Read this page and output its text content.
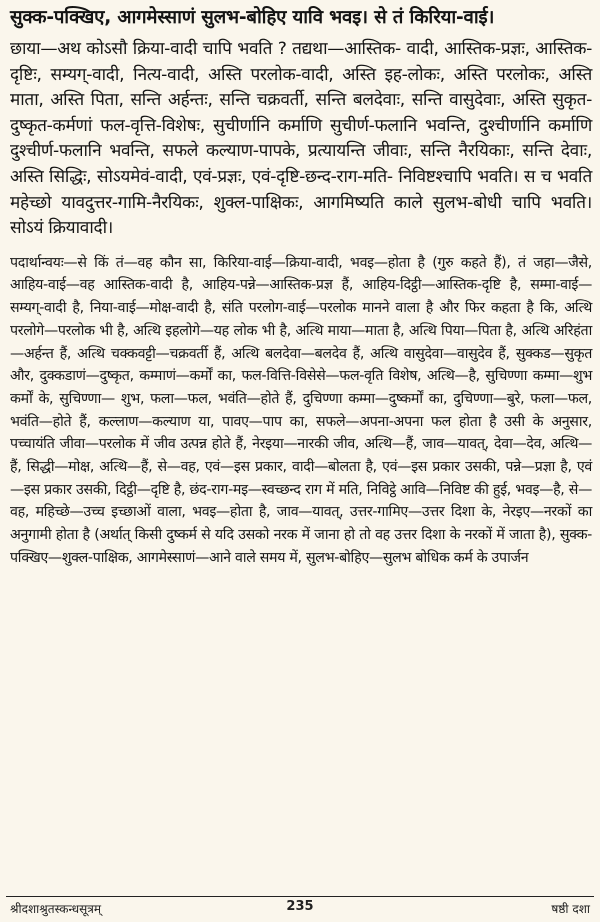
सुक्क-पक्खिए, आगमेस्साणं सुलभ-बोहिए यावि भवइ। से तं किरिया-वाई।

छाया—अथ कोऽसौ क्रिया-वादी चापि भवति ? तद्यथा—आस्तिक- वादी, आस्तिक-प्रज्ञः, आस्तिक-दृष्टिः, सम्यग्-वादी, नित्य-वादी, अस्ति परलोक-वादी, अस्ति इह-लोकः, अस्ति परलोकः, अस्ति माता, अस्ति पिता, सन्ति अर्हन्तः, सन्ति चक्रवर्ती, सन्ति बलदेवाः, सन्ति वासुदेवाः, अस्ति सुकृत-दुष्कृत-कर्मणां फल-वृत्ति-विशेषः, सुचीर्णानि कर्माणि सुचीर्ण-फलानि भवन्ति, दुश्चीर्णानि कर्माणि दुश्चीर्ण-फलानि भवन्ति, सफले कल्याण-पापके, प्रत्यायन्ति जीवाः, सन्ति नैरयिकाः, सन्ति देवाः, अस्ति सिद्धिः, सोऽयमेवं-वादी, एवं-प्रज्ञः, एवं-दृष्टि-छन्द-राग-मति- निविष्टश्चापि भवति। स च भवति महेच्छो यावदुत्तर-गामि-नैरयिकः, शुक्ल-पाक्षिकः, आगमिष्यति काले सुलभ-बोधी चापि भवति। सोऽयं क्रियावादी।

पदार्थान्वयः—से किं तं—वह कौन सा, किरिया-वाई—क्रिया-वादी, भवइ—होता है (गुरु कहते हैं), तं जहा—जैसे, आहिय-वाई—वह आस्तिक-वादी है, आहिय-पन्ने—आस्तिक-प्रज्ञ हैं, आहिय-दिट्ठी—आस्तिक-दृष्टि है, सम्मा-वाई— सम्यग्-वादी है, निया-वाई—मोक्ष-वादी है, संति परलोग-वाई—परलोक मानने वाला है और फिर कहता है कि, अत्थि परलोगे—परलोक भी है, अत्थि इहलोगे—यह लोक भी है, अत्थि माया—माता है, अत्थि पिया—पिता है, अत्थि अरिहंता—अर्हन्त हैं, अत्थि चक्कवट्टी—चक्रवर्ती हैं, अत्थि बलदेवा—बलदेव हैं, अत्थि वासुदेवा—वासुदेव हैं, सुक्कड—सुकृत और, दुक्कडाणं—दुष्कृत, कम्माणं—कर्मों का, फल-वित्ति-विसेसे—फल-वृति विशेष, अत्थि—है, सुचिण्णा कम्मा—शुभ कर्मों के, सुचिण्णा— शुभ, फला—फल, भवंति—होते हैं, दुचिण्णा कम्मा—दुष्कर्मों का, दुचिण्णा—बुरे, फला—फल, भवंति—होते हैं, कल्लाण—कल्याण या, पावए—पाप का, सफले—अपना-अपना फल होता है उसी के अनुसार, पच्चायंति जीवा—परलोक में जीव उत्पन्न होते हैं, नेरइया—नारकी जीव, अत्थि—हैं, जाव—यावत्, देवा—देव, अत्थि—हैं, सिद्धी—मोक्ष, अत्थि—हैं, से—वह, एवं—इस प्रकार, वादी—बोलता है, एवं—इस प्रकार उसकी, पन्ने—प्रज्ञा है, एवं—इस प्रकार उसकी, दिट्ठी—दृष्टि है, छंद-राग-मइ—स्वच्छन्द राग में मति, निविट्ठे आवि—निविष्ट की हुई, भवइ—है, से—वह, महिच्छे—उच्च इच्छाओं वाला, भवइ—होता है, जाव—यावत्, उत्तर-गामिए—उत्तर दिशा के, नेरइए—नरकों का अनुगामी होता है (अर्थात् किसी दुष्कर्म से यदि उसको नरक में जाना हो तो वह उत्तर दिशा के नरकों में जाता है), सुक्क-पक्खिए—शुक्ल-पाक्षिक, आगमेस्साणं—आने वाले समय में, सुलभ-बोहिए—सुलभ बोधिक कर्म के उपार्जन

श्रीदशाश्रुतस्कन्धसूत्रम्	235	षष्ठी दशा
